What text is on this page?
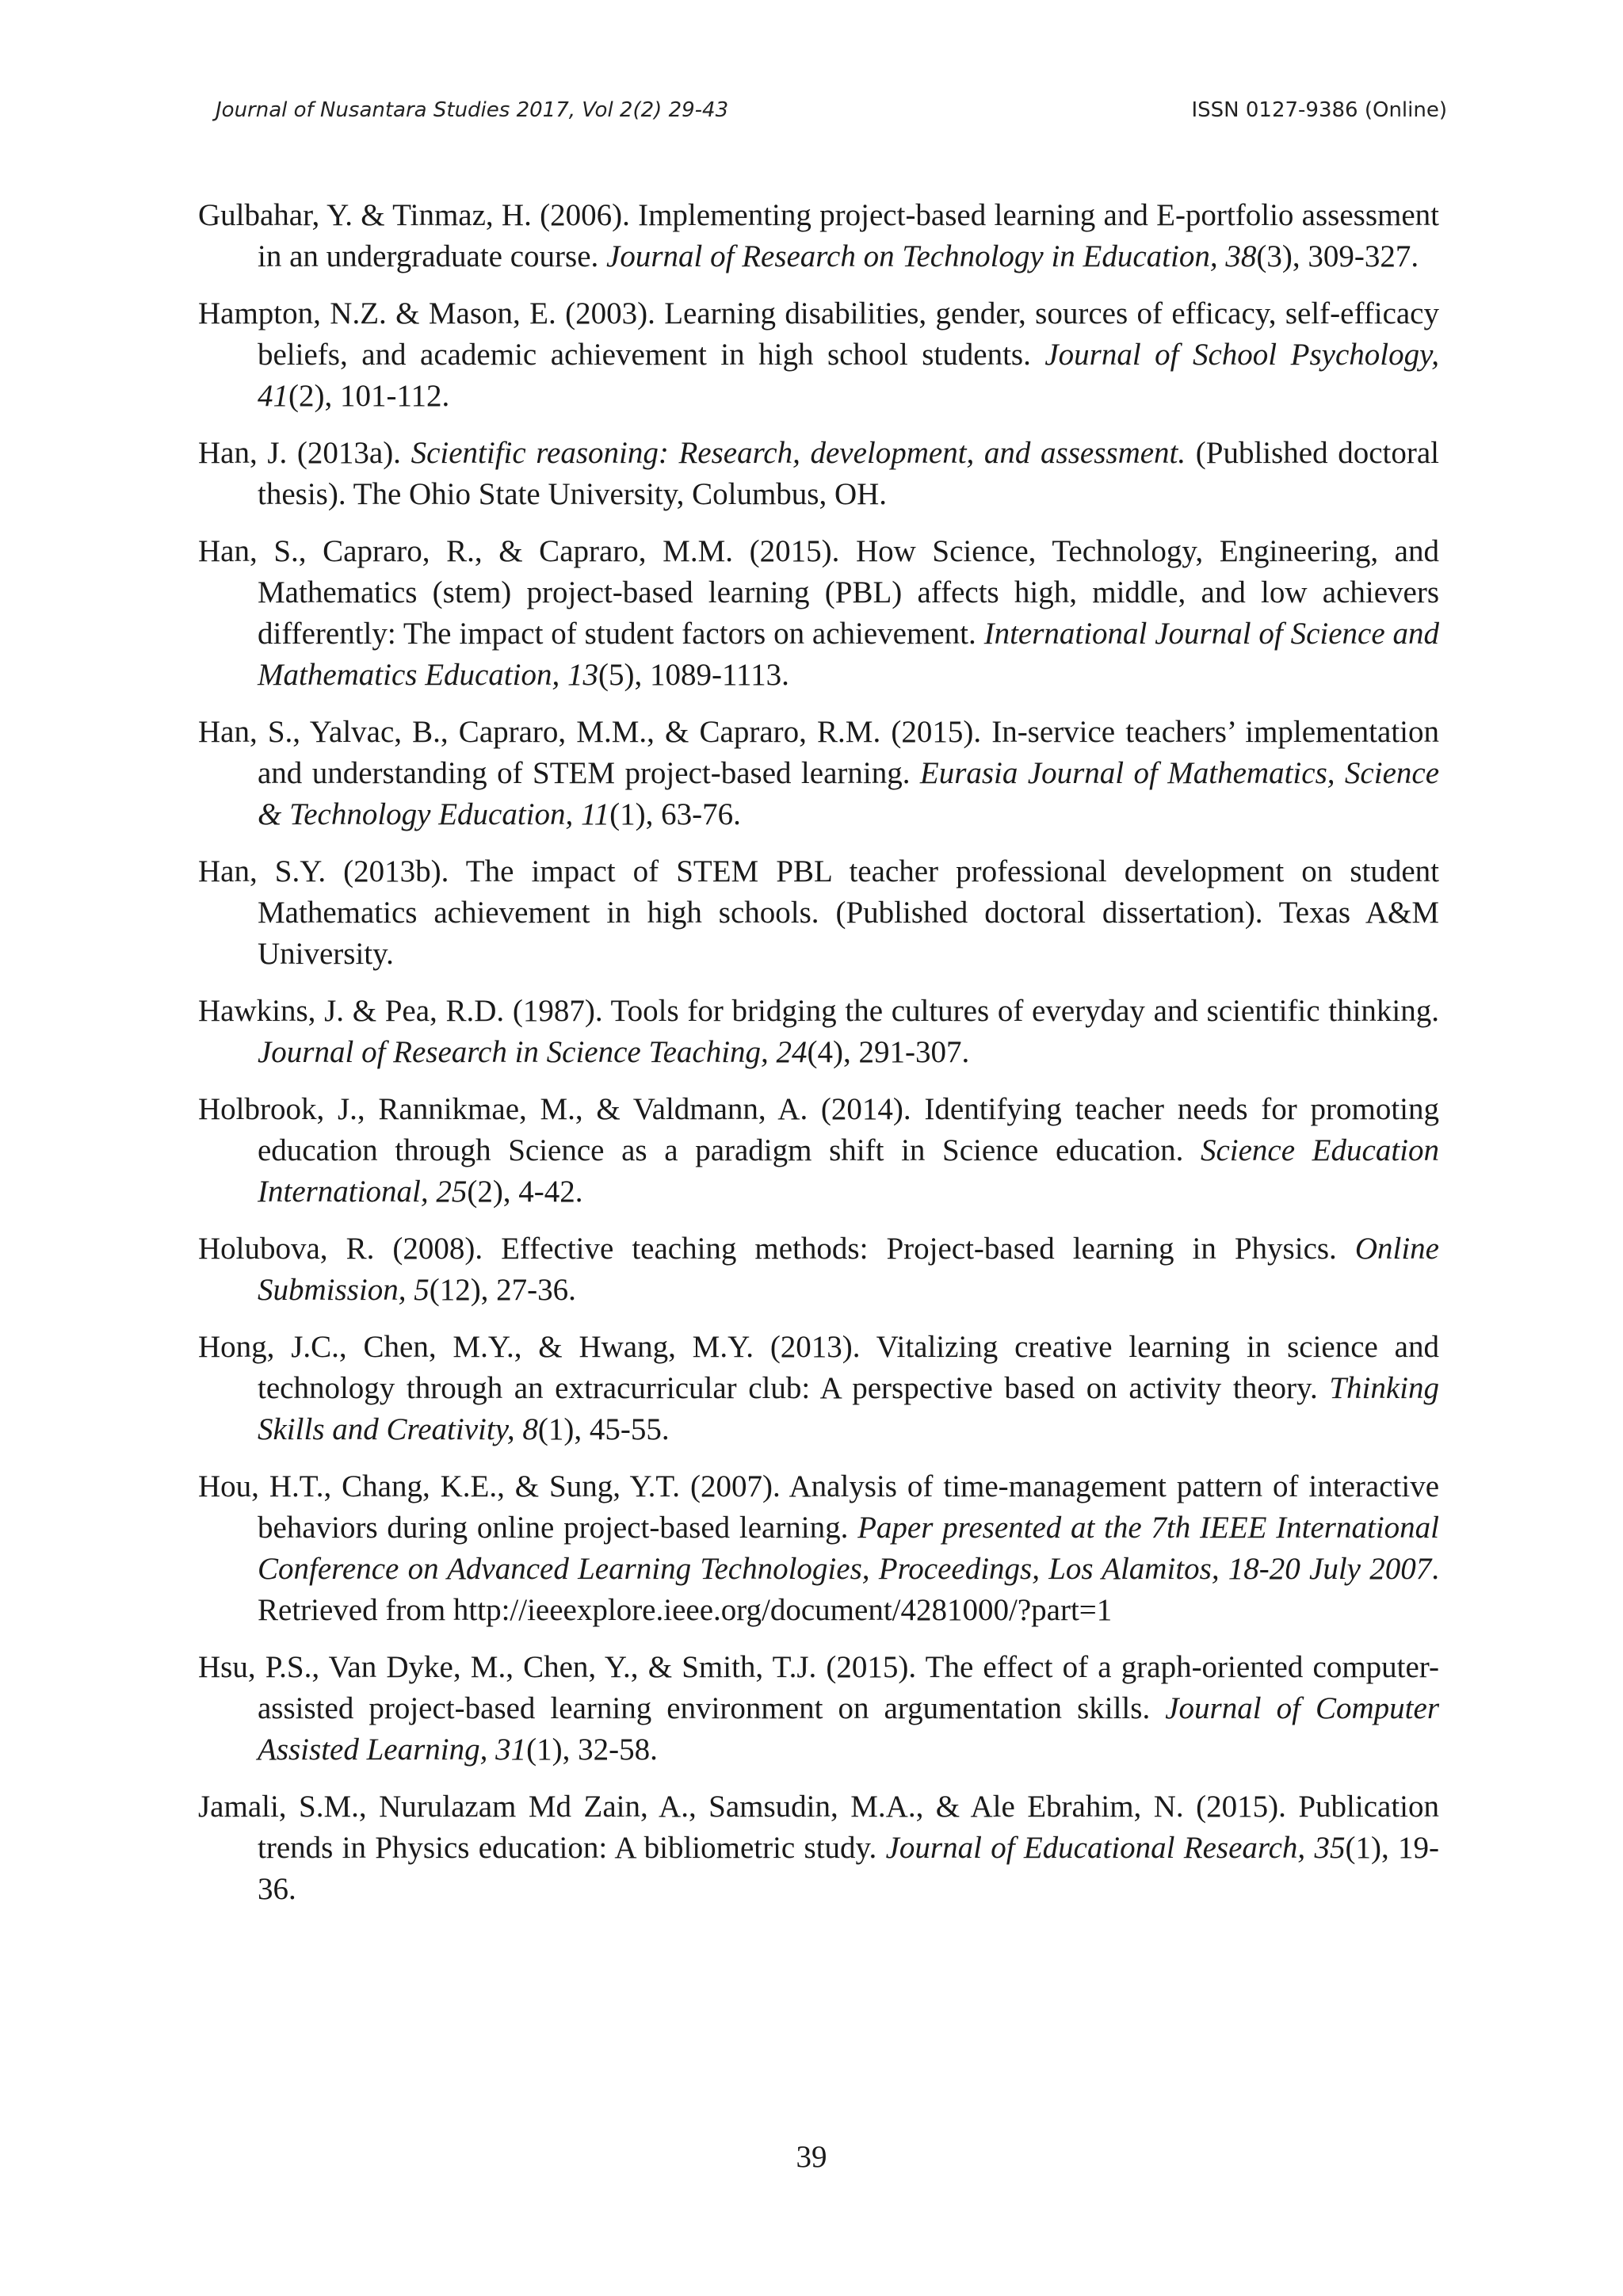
Journal of Nusantara Studies 2017, Vol 2(2) 29-43	ISSN 0127-9386 (Online)

Gulbahar, Y. & Tinmaz, H. (2006). Implementing project-based learning and E-portfolio assessment in an undergraduate course. Journal of Research on Technology in Education, 38(3), 309-327.

Hampton, N.Z. & Mason, E. (2003). Learning disabilities, gender, sources of efficacy, self-efficacy beliefs, and academic achievement in high school students. Journal of School Psychology, 41(2), 101-112.

Han, J. (2013a). Scientific reasoning: Research, development, and assessment. (Published doctoral thesis). The Ohio State University, Columbus, OH.

Han, S., Capraro, R., & Capraro, M.M. (2015). How Science, Technology, Engineering, and Mathematics (stem) project-based learning (PBL) affects high, middle, and low achievers differently: The impact of student factors on achievement. International Journal of Science and Mathematics Education, 13(5), 1089-1113.

Han, S., Yalvac, B., Capraro, M.M., & Capraro, R.M. (2015). In-service teachers’ implementation and understanding of STEM project-based learning. Eurasia Journal of Mathematics, Science & Technology Education, 11(1), 63-76.

Han, S.Y. (2013b). The impact of STEM PBL teacher professional development on student Mathematics achievement in high schools. (Published doctoral dissertation). Texas A&M University.

Hawkins, J. & Pea, R.D. (1987). Tools for bridging the cultures of everyday and scientific thinking. Journal of Research in Science Teaching, 24(4), 291-307.

Holbrook, J., Rannikmae, M., & Valdmann, A. (2014). Identifying teacher needs for promoting education through Science as a paradigm shift in Science education. Science Education International, 25(2), 4-42.

Holubova, R. (2008). Effective teaching methods: Project-based learning in Physics. Online Submission, 5(12), 27-36.

Hong, J.C., Chen, M.Y., & Hwang, M.Y. (2013). Vitalizing creative learning in science and technology through an extracurricular club: A perspective based on activity theory. Thinking Skills and Creativity, 8(1), 45-55.

Hou, H.T., Chang, K.E., & Sung, Y.T. (2007). Analysis of time-management pattern of interactive behaviors during online project-based learning. Paper presented at the 7th IEEE International Conference on Advanced Learning Technologies, Proceedings, Los Alamitos, 18-20 July 2007. Retrieved from http://ieeexplore.ieee.org/document/4281000/?part=1

Hsu, P.S., Van Dyke, M., Chen, Y., & Smith, T.J. (2015). The effect of a graph-oriented computer-assisted project-based learning environment on argumentation skills. Journal of Computer Assisted Learning, 31(1), 32-58.

Jamali, S.M., Nurulazam Md Zain, A., Samsudin, M.A., & Ale Ebrahim, N. (2015). Publication trends in Physics education: A bibliometric study. Journal of Educational Research, 35(1), 19-36.

39
